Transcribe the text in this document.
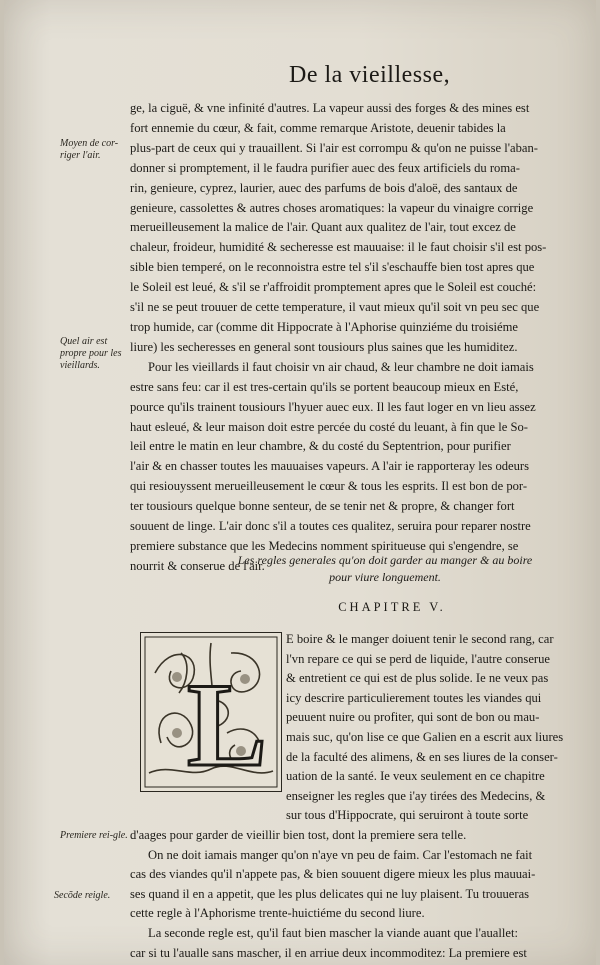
De la vieillesse,
Moyen de cor-riger l'air.
Quel air est propre pour les vieillards.
Premiere rei-gle.
Secõde reigle.

ge, la ciguë, & vne infinité d'autres. La vapeur aussi des forges & des mines est

fort ennemie du cœur, & fait, comme remarque Aristote, deuenir tabides la

plus-part de ceux qui y trauaillent. Si l'air est corrompu & qu'on ne puisse l'aban-

donner si promptement, il le faudra purifier auec des feux artificiels du roma-

rin, genieure, cyprez, laurier, auec des parfums de bois d'aloë, des santaux de

genieure, cassolettes & autres choses aromatiques: la vapeur du vinaigre corrige

merueilleusement la malice de l'air. Quant aux qualitez de l'air, tout excez de

chaleur, froideur, humidité & secheresse est mauuaise: il le faut choisir s'il est pos-

sible bien temperé, on le reconnoistra estre tel s'il s'eschauffe bien tost apres que

le Soleil est leué, & s'il se r'affroidit promptement apres que le Soleil est couché:

s'il ne se peut trouuer de cette temperature, il vaut mieux qu'il soit vn peu sec que

trop humide, car (comme dit Hippocrate à l'Aphorise quinziéme du troisiéme

liure) les secheresses en general sont tousiours plus saines que les humiditez.

Pour les vieillards il faut choisir vn air chaud, & leur chambre ne doit iamais

estre sans feu: car il est tres-certain qu'ils se portent beaucoup mieux en Esté,

pource qu'ils trainent tousiours l'hyuer auec eux. Il les faut loger en vn lieu assez

haut esleué, & leur maison doit estre percée du costé du leuant, à fin que le So-

leil entre le matin en leur chambre, & du costé du Septentrion, pour purifier

l'air & en chasser toutes les mauuaises vapeurs. A l'air ie rapporteray les odeurs

qui resiouyssent merueilleusement le cœur & tous les esprits. Il est bon de por-

ter tousiours quelque bonne senteur, de se tenir net & propre, & changer fort

souuent de linge. L'air donc s'il a toutes ces qualitez, seruira pour reparer nostre

premiere substance que les Medecins nomment spiritueuse qui s'engendre, se

nourrit & conserue de l'air.

Les regles generales qu'on doit garder au manger & au boire
pour viure longuement.
CHAPITRE V.
L

E boire & le manger doiuent tenir le second rang, car

l'vn repare ce qui se perd de liquide, l'autre conserue

& entretient ce qui est de plus solide. Ie ne veux pas

icy descrire particulierement toutes les viandes qui

peuuent nuire ou profiter, qui sont de bon ou mau-

mais suc, qu'on lise ce que Galien en a escrit aux liures

de la faculté des alimens, & en ses liures de la conser-

uation de la santé. Ie veux seulement en ce chapitre

enseigner les regles que i'ay tirées des Medecins, &

sur tous d'Hippocrate, qui seruiront à toute sorte

d'aages pour garder de vieillir bien tost, dont la premiere sera telle.

On ne doit iamais manger qu'on n'aye vn peu de faim. Car l'estomach ne fait

cas des viandes qu'il n'appete pas, & bien souuent digere mieux les plus mauuai-

ses quand il en a appetit, que les plus delicates qui ne luy plaisent. Tu trouueras

cette regle à l'Aphorisme trente-huictiéme du second liure.

La seconde regle est, qu'il faut bien mascher la viande auant que l'auallet:

car si tu l'aualle sans mascher, il en arriue deux incommoditez: La premiere est
